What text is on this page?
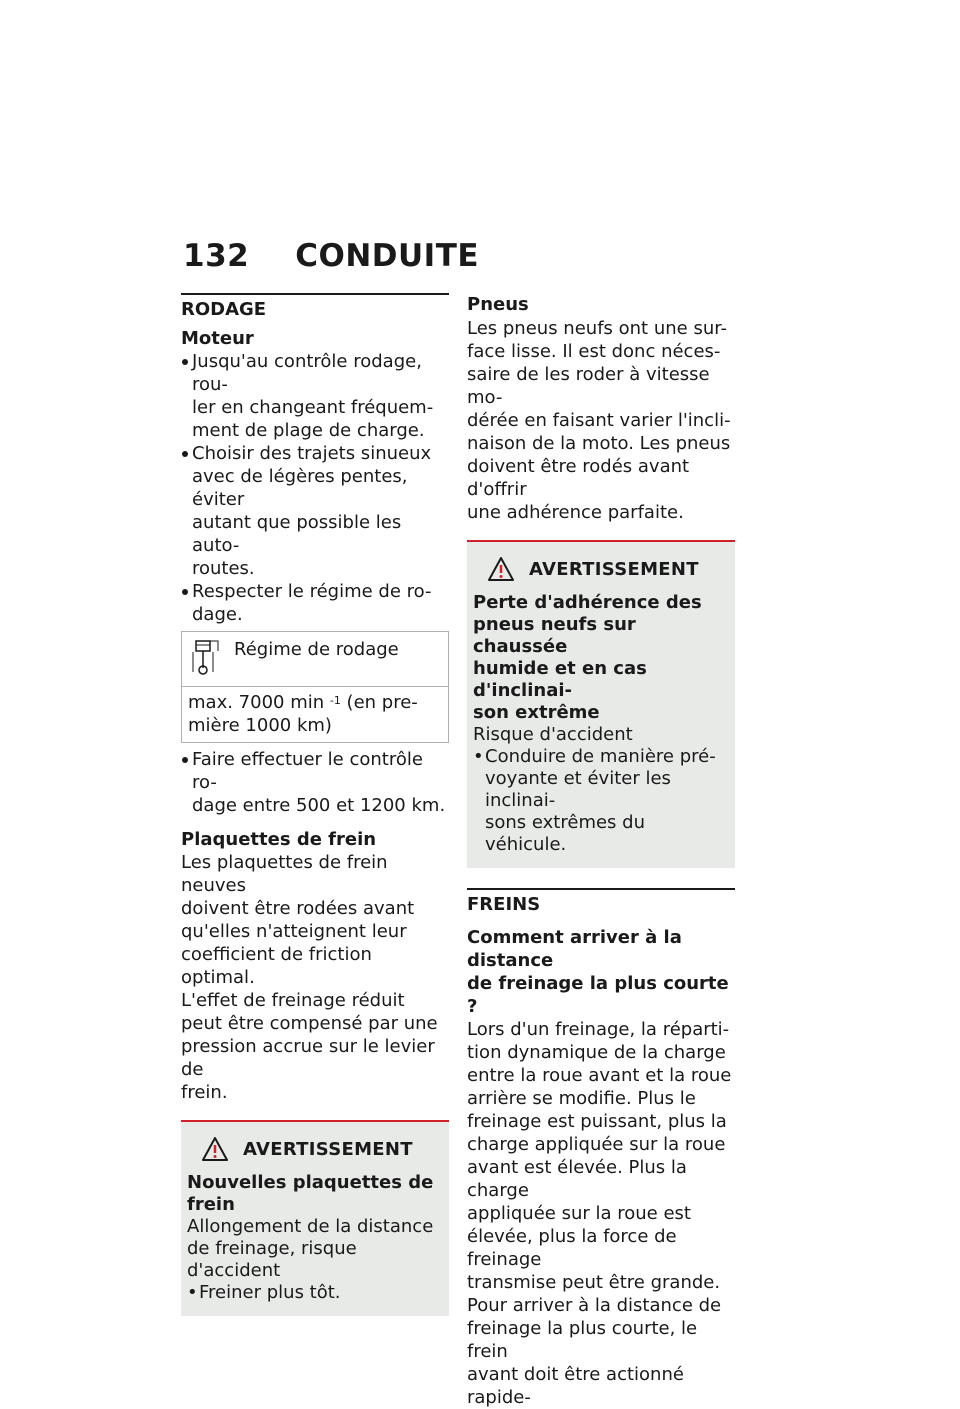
132 CONDUITE
RODAGE
Moteur
Jusqu'au contrôle rodage, rou-
ler en changeant fréquem-
ment de plage de charge.
Choisir des trajets sinueux
avec de légères pentes, éviter
autant que possible les auto-
routes.
Respecter le régime de ro-
dage.
Régime de rodage
max. 7000 min $^{-1}$ (en pre-
mière 1000 km)
Faire effectuer le contrôle ro-
dage entre 500 et 1200 km.
Plaquettes de frein

Les plaquettes de frein neuves

doivent être rodées avant

qu'elles n'atteignent leur

coefficient de friction optimal.

L'effet de freinage réduit

peut être compensé par une

pression accrue sur le levier de

frein.

AVERTISSEMENT

Nouvelles plaquettes de

frein

Allongement de la distance

de freinage, risque d'accident

• Freiner plus tôt.
Pneus

Les pneus neufs ont une sur-

face lisse. Il est donc néces-

saire de les roder à vitesse mo-

dérée en faisant varier l'incli-

naison de la moto. Les pneus

doivent être rodés avant d'offrir

une adhérence parfaite.

AVERTISSEMENT

Perte d'adhérence des

pneus neufs sur chaussée

humide et en cas d'inclinai-

son extrême

Risque d'accident

• Conduire de manière pré-
voyante et éviter les inclinai-
sons extrêmes du véhicule.
FREINS
Comment arriver à la distance
de freinage la plus courte ?

Lors d'un freinage, la réparti-

tion dynamique de la charge

entre la roue avant et la roue

arrière se modifie. Plus le

freinage est puissant, plus la

charge appliquée sur la roue

avant est élevée. Plus la charge

appliquée sur la roue est

élevée, plus la force de freinage

transmise peut être grande.

Pour arriver à la distance de

freinage la plus courte, le frein

avant doit être actionné rapide-
